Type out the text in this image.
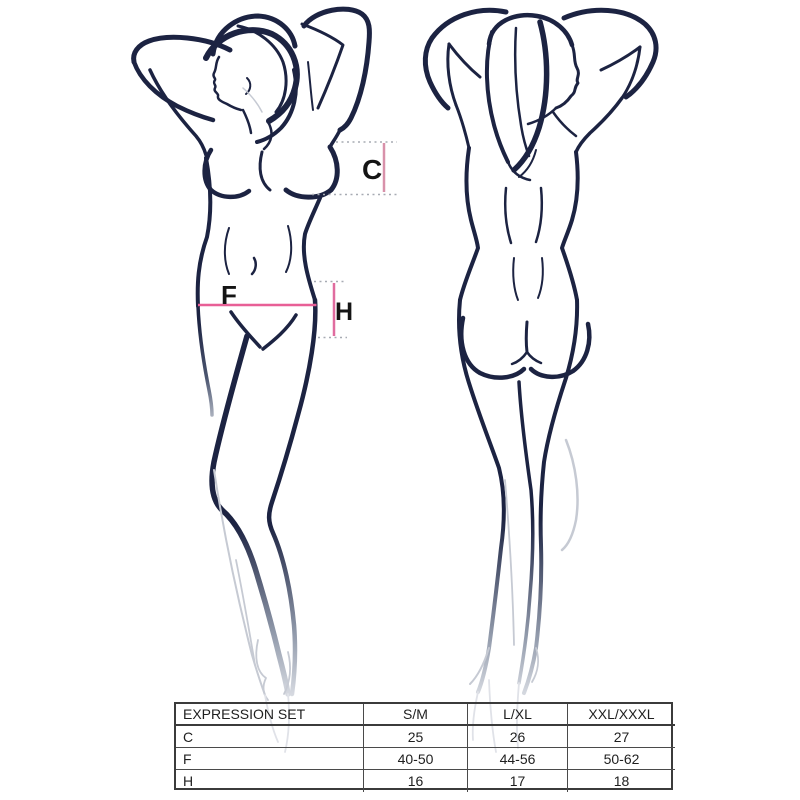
C
F
H
EXPRESSION SET	S/M	L/XL	XXL/XXXL
C	25	26	27
F	40-50	44-56	50-62
H	16	17	18
